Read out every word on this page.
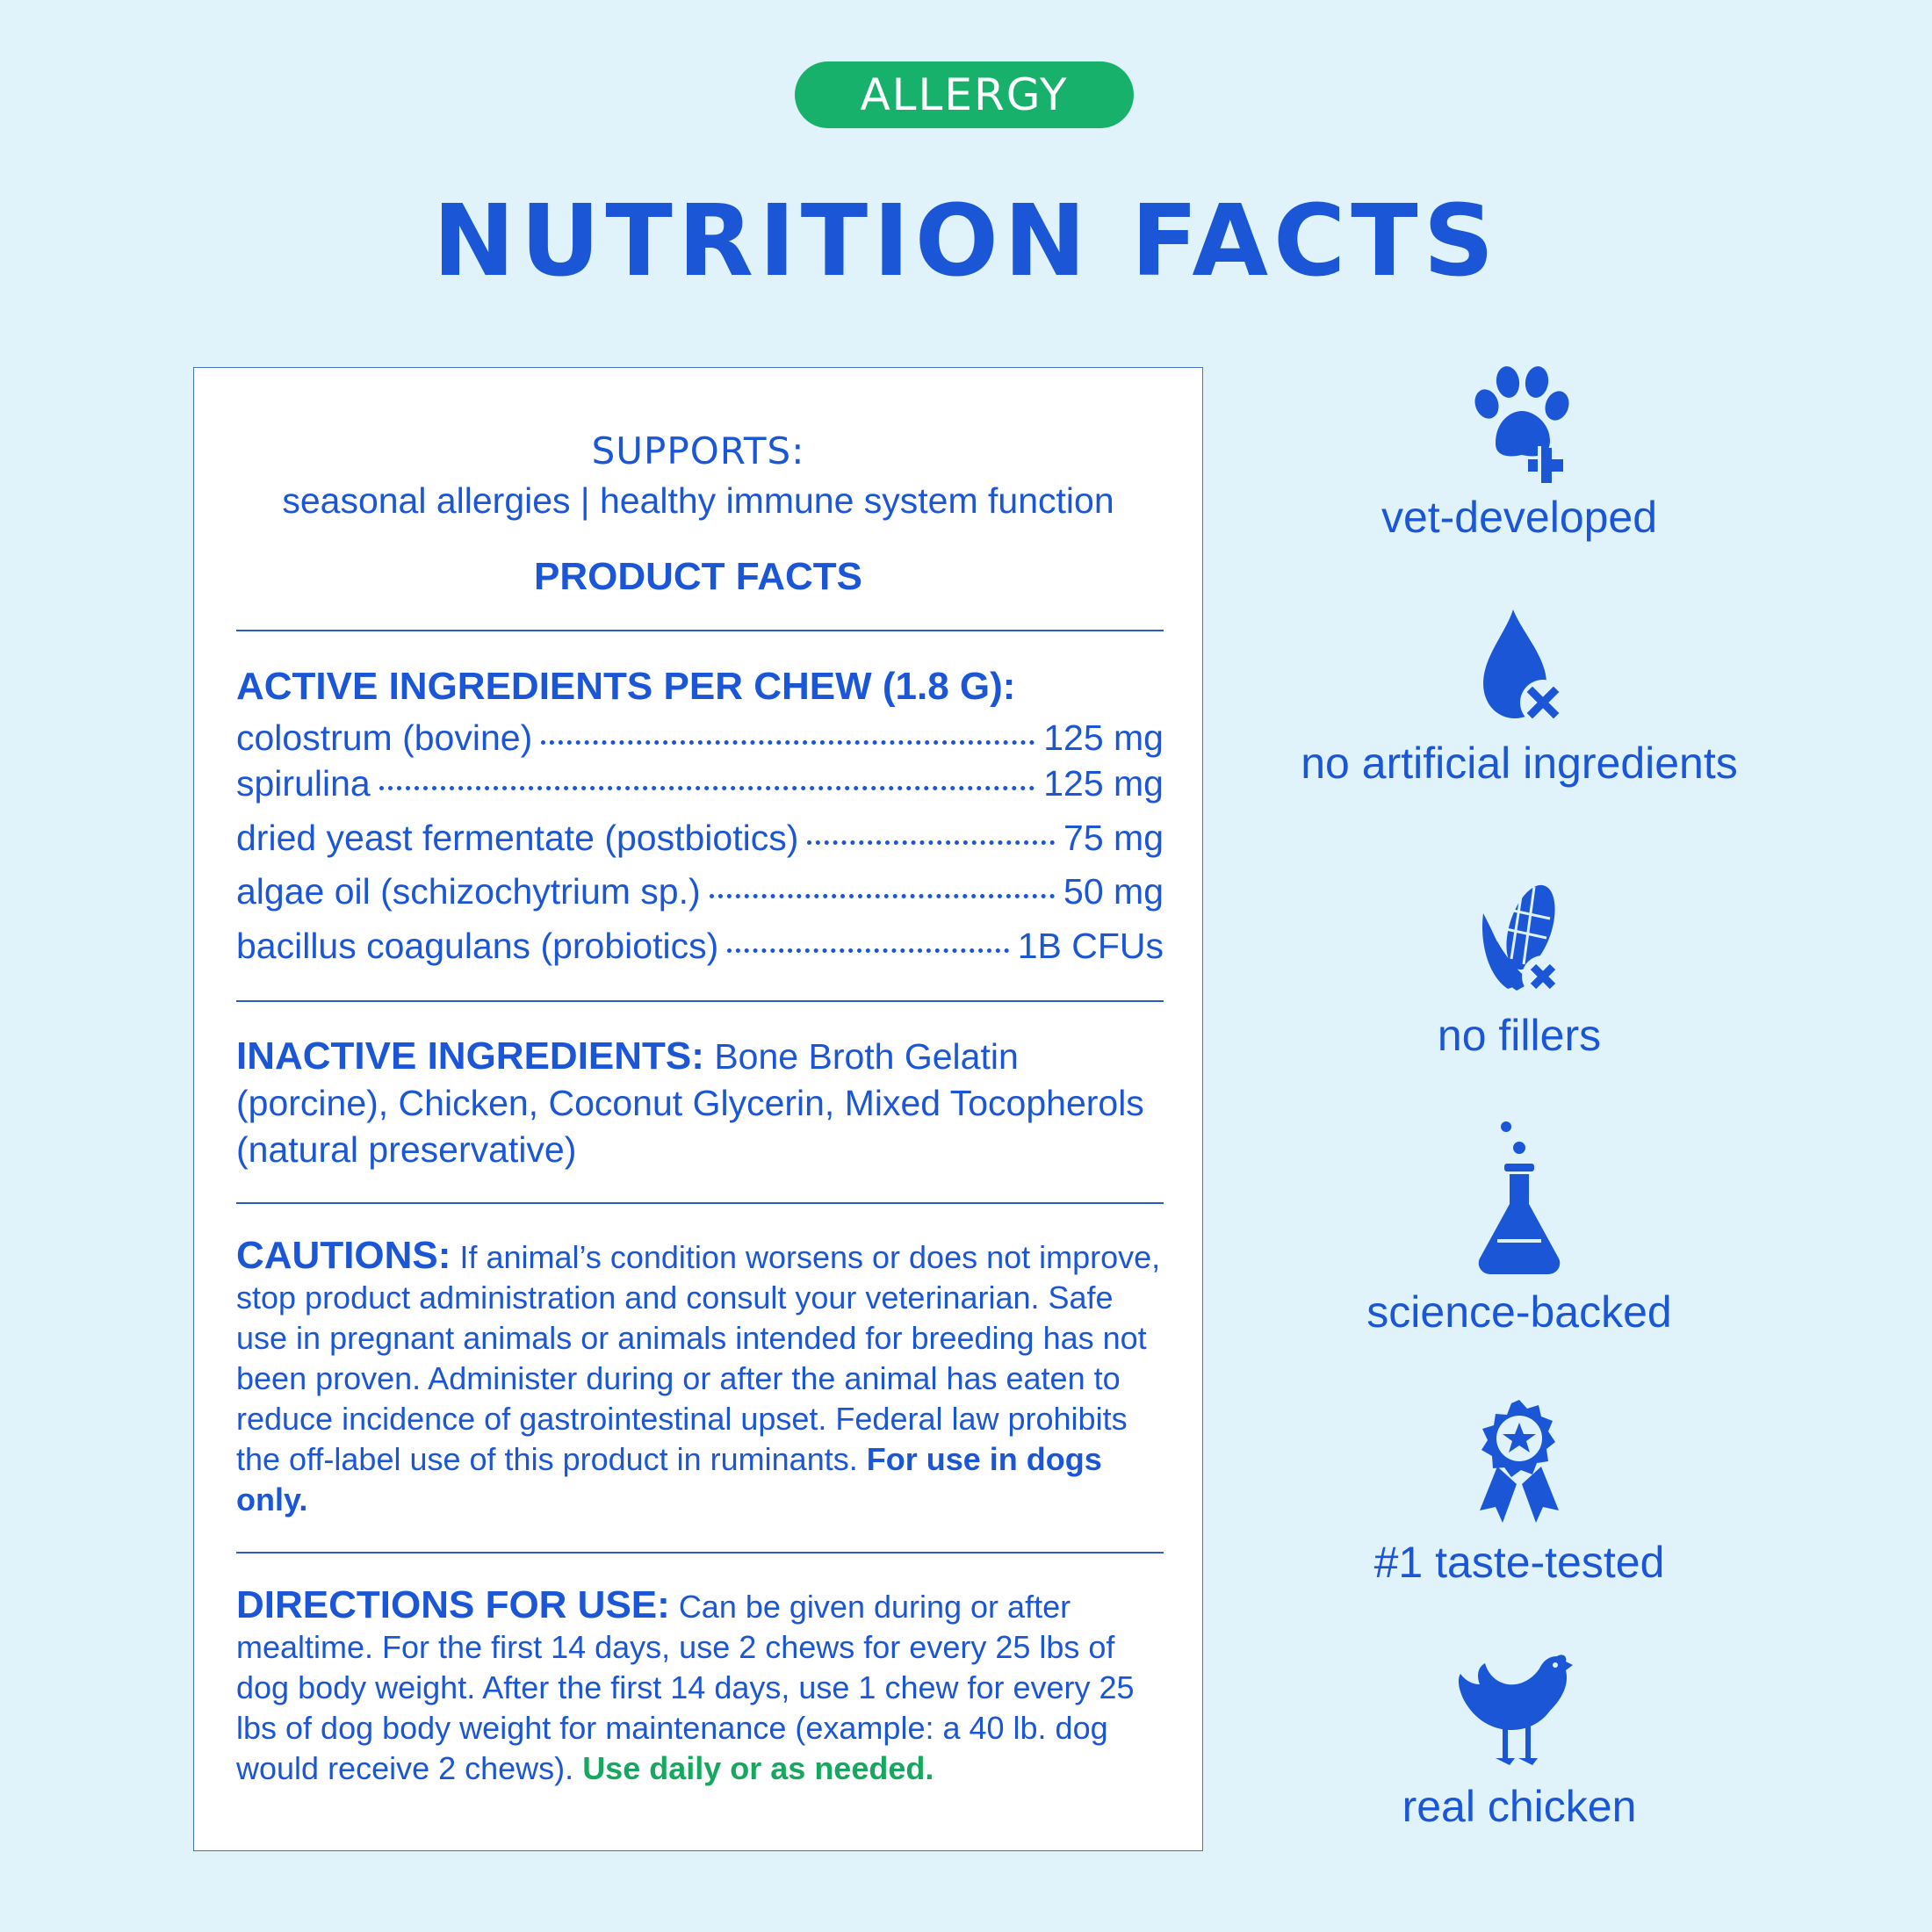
ALLERGY
NUTRITION FACTS
SUPPORTS:
seasonal allergies | healthy immune system function
PRODUCT FACTS
ACTIVE INGREDIENTS PER CHEW (1.8 G):
colostrum (bovine)	125 mg
spirulina	125 mg
dried yeast fermentate (postbiotics)	75 mg
algae oil (schizochytrium sp.)	50 mg
bacillus coagulans (probiotics)	1B CFUs
INACTIVE INGREDIENTS: Bone Broth Gelatin (porcine), Chicken, Coconut Glycerin, Mixed Tocopherols (natural preservative)
CAUTIONS: If animal’s condition worsens or does not improve, stop product administration and consult your veterinarian. Safe use in pregnant animals or animals intended for breeding has not been proven. Administer during or after the animal has eaten to reduce incidence of gastrointestinal upset. Federal law prohibits the off-label use of this product in ruminants. For use in dogs only.
DIRECTIONS FOR USE: Can be given during or after mealtime. For the first 14 days, use 2 chews for every 25 lbs of dog body weight. After the first 14 days, use 1 chew for every 25 lbs of dog body weight for maintenance (example: a 40 lb. dog would receive 2 chews). Use daily or as needed.
vet-developed
no artificial ingredients
no fillers
science-backed
#1 taste-tested
real chicken
